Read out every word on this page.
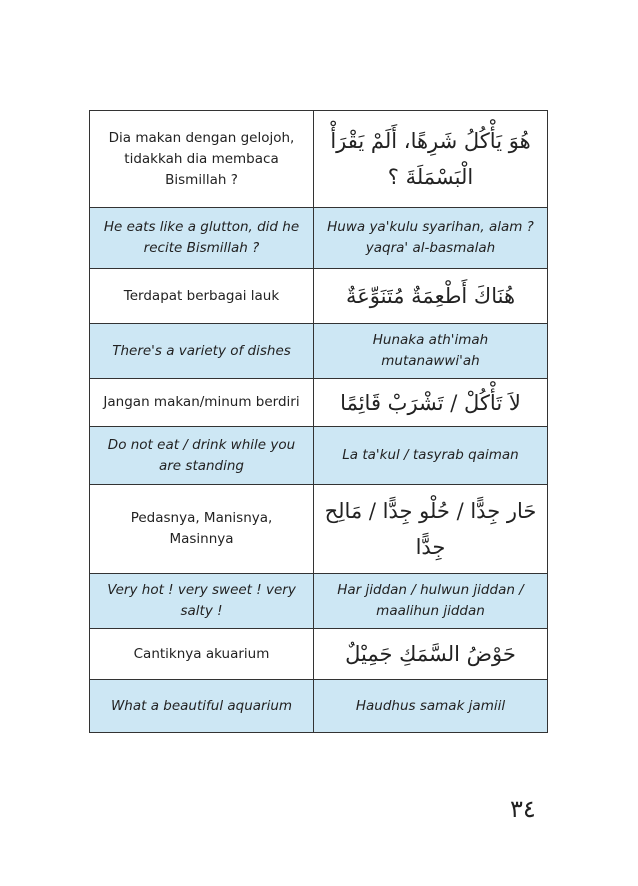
Dia makan dengan gelojoh, tidakkah dia membaca Bismillah ?	هُوَ يَأْكُلُ شَرِهًا، أَلَمْ يَقْرَأْ الْبَسْمَلَةَ ؟
He eats like a glutton, did he recite Bismillah ?	Huwa ya'kulu syarihan, alam ? yaqra' al-basmalah
Terdapat berbagai lauk	هُنَاكَ أَطْعِمَةٌ مُتَنَوِّعَةٌ
There's a variety of dishes	Hunaka ath'imah mutanawwi'ah
Jangan makan/minum berdiri	لاَ تَأْكُلْ / تَشْرَبْ قَائِمًا
Do not eat / drink while you are standing	La ta'kul / tasyrab qaiman
Pedasnya, Manisnya, Masinnya	حَار جِدًّا / حُلْو جِدًّا / مَالِح جِدًّا
Very hot ! very sweet ! very salty !	Har jiddan / hulwun jiddan / maalihun jiddan
Cantiknya akuarium	حَوْضُ السَّمَكِ جَمِيْلٌ
What a beautiful aquarium	Haudhus samak jamiil
٣٤
